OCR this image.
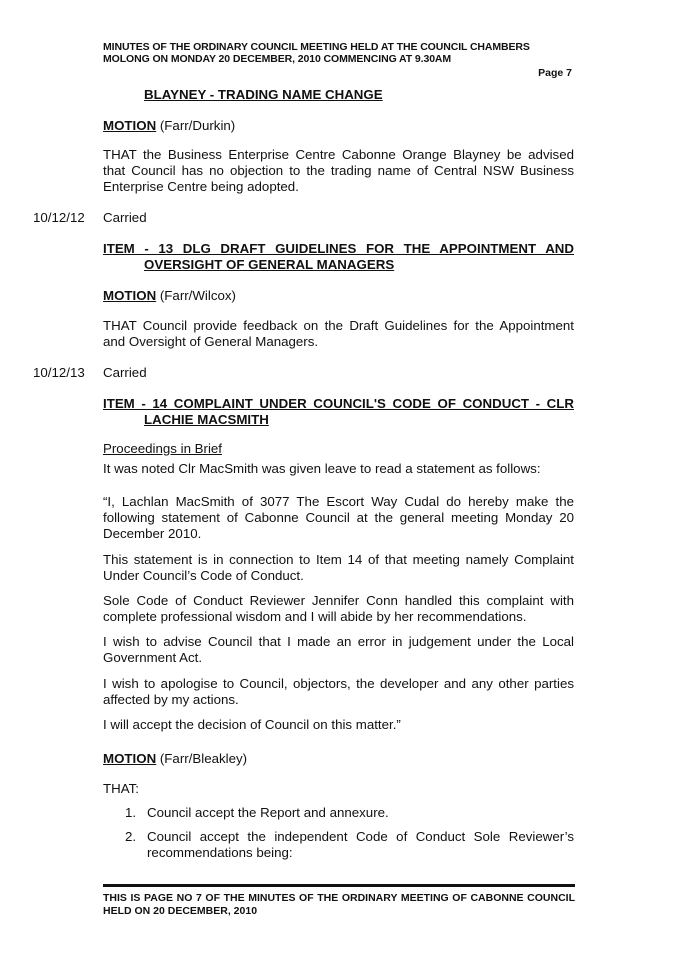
MINUTES OF THE ORDINARY COUNCIL MEETING HELD AT THE COUNCIL CHAMBERS
MOLONG ON MONDAY 20 DECEMBER, 2010 COMMENCING AT 9.30AM
Page 7
BLAYNEY - TRADING NAME CHANGE
MOTION (Farr/Durkin)
THAT the Business Enterprise Centre Cabonne Orange Blayney be advised that Council has no objection to the trading name of Central NSW Business Enterprise Centre being adopted.
10/12/12 Carried
ITEM - 13 DLG DRAFT GUIDELINES FOR THE APPOINTMENT AND
OVERSIGHT OF GENERAL MANAGERS
MOTION (Farr/Wilcox)
THAT Council provide feedback on the Draft Guidelines for the Appointment and Oversight of General Managers.
10/12/13 Carried
ITEM - 14 COMPLAINT UNDER COUNCIL'S CODE OF CONDUCT - CLR
LACHIE MACSMITH
Proceedings in Brief
It was noted Clr MacSmith was given leave to read a statement as follows:
“I, Lachlan MacSmith of 3077 The Escort Way Cudal do hereby make the following statement of Cabonne Council at the general meeting Monday 20 December 2010.
This statement is in connection to Item 14 of that meeting namely Complaint Under Council’s Code of Conduct.
Sole Code of Conduct Reviewer Jennifer Conn handled this complaint with complete professional wisdom and I will abide by her recommendations.
I wish to advise Council that I made an error in judgement under the Local Government Act.
I wish to apologise to Council, objectors, the developer and any other parties affected by my actions.
I will accept the decision of Council on this matter.”
MOTION (Farr/Bleakley)
THAT:
1. Council accept the Report and annexure.
2. Council accept the independent Code of Conduct Sole Reviewer’s recommendations being:
THIS IS PAGE NO 7 OF THE MINUTES OF THE ORDINARY MEETING OF CABONNE COUNCIL HELD ON 20 DECEMBER, 2010
